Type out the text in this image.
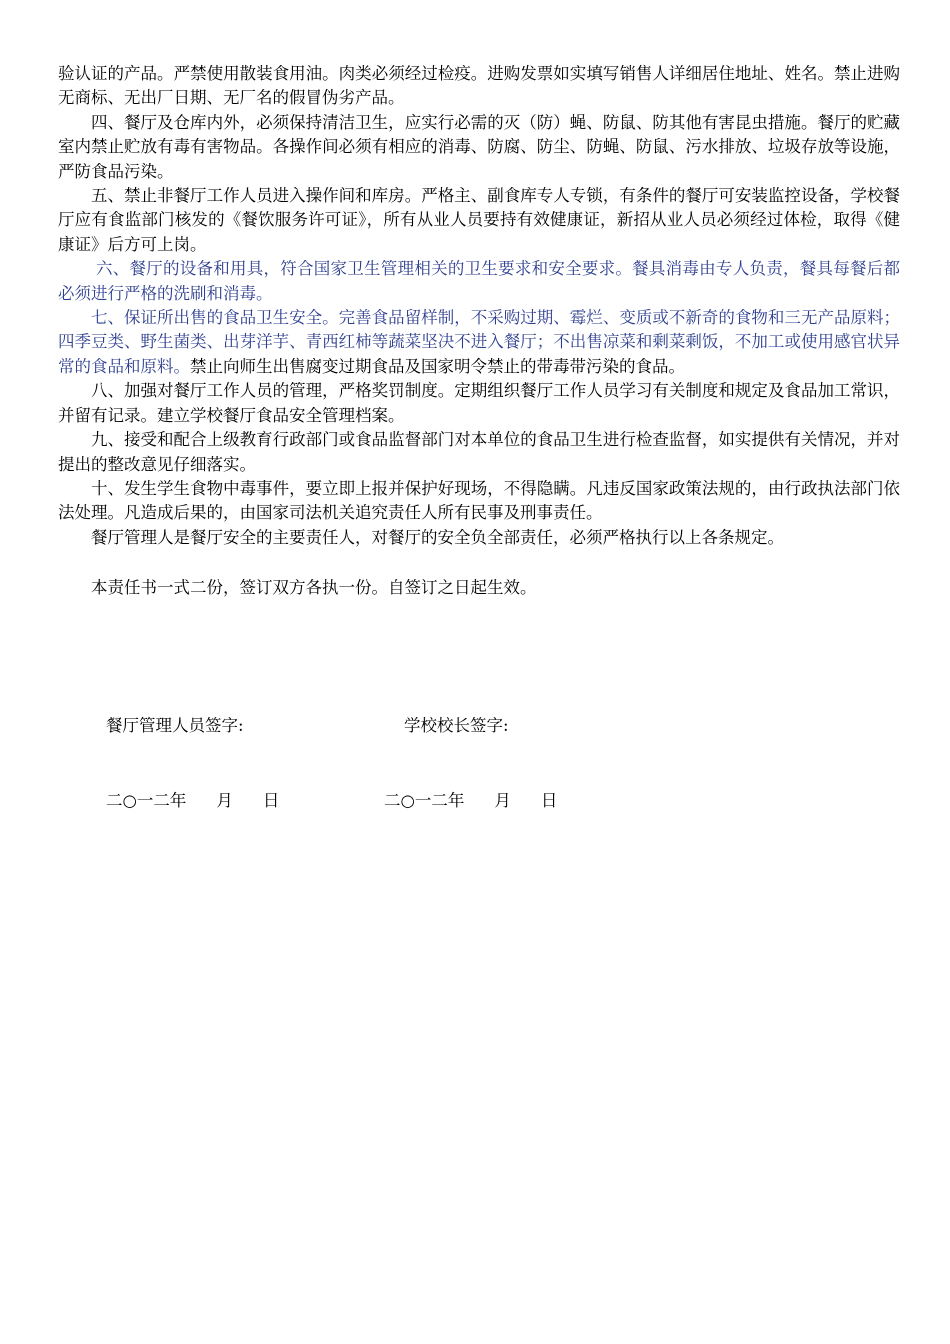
验认证的产品。严禁使用散装食用油。肉类必须经过检疫。进购发票如实填写销售人详细居住地址、姓名。禁止进购无商标、无出厂日期、无厂名的假冒伪劣产品。

四、餐厅及仓库内外，必须保持清洁卫生，应实行必需的灭（防）蝇、防鼠、防其他有害昆虫措施。餐厅的贮藏室内禁止贮放有毒有害物品。各操作间必须有相应的消毒、防腐、防尘、防蝇、防鼠、污水排放、垃圾存放等设施，严防食品污染。

五、禁止非餐厅工作人员进入操作间和库房。严格主、副食库专人专锁，有条件的餐厅可安装监控设备，学校餐厅应有食监部门核发的《餐饮服务许可证》，所有从业人员要持有效健康证，新招从业人员必须经过体检，取得《健康证》后方可上岗。

六、餐厅的设备和用具，符合国家卫生管理相关的卫生要求和安全要求。餐具消毒由专人负责，餐具每餐后都必须进行严格的洗刷和消毒。

七、保证所出售的食品卫生安全。完善食品留样制，不采购过期、霉烂、变质或不新奇的食物和三无产品原料；四季豆类、野生菌类、出芽洋芋、青西红柿等蔬菜坚决不进入餐厅；不出售凉菜和剩菜剩饭，不加工或使用感官状异常的食品和原料。禁止向师生出售腐变过期食品及国家明令禁止的带毒带污染的食品。

八、加强对餐厅工作人员的管理，严格奖罚制度。定期组织餐厅工作人员学习有关制度和规定及食品加工常识，并留有记录。建立学校餐厅食品安全管理档案。

九、接受和配合上级教育行政部门或食品监督部门对本单位的食品卫生进行检查监督，如实提供有关情况，并对提出的整改意见仔细落实。

十、发生学生食物中毒事件，要立即上报并保护好现场，不得隐瞒。凡违反国家政策法规的，由行政执法部门依法处理。凡造成后果的，由国家司法机关追究责任人所有民事及刑事责任。

餐厅管理人是餐厅安全的主要责任人，对餐厅的安全负全部责任，必须严格执行以上各条规定。

本责任书一式二份，签订双方各执一份。自签订之日起生效。

餐厅管理人员签字:	学校校长签字:
二○一二年 月 日	二○一二年 月 日
